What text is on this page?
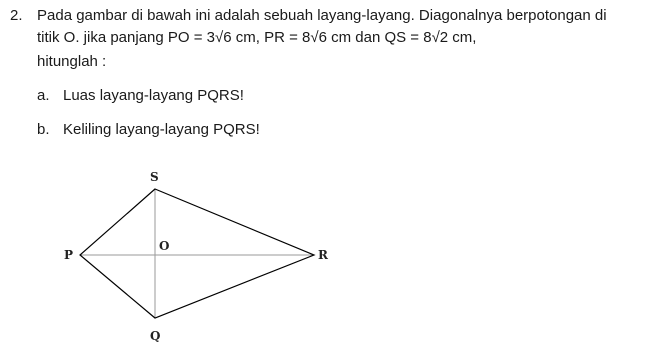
2. Pada gambar di bawah ini adalah sebuah layang-layang. Diagonalnya berpotongan di
titik O. jika panjang PO = 3√6 cm, PR = 8√6 cm dan QS = 8√2 cm,
hitunglah :
a. Luas layang-layang PQRS!
b. Keliling layang-layang PQRS!
S
P	R
Q
O
